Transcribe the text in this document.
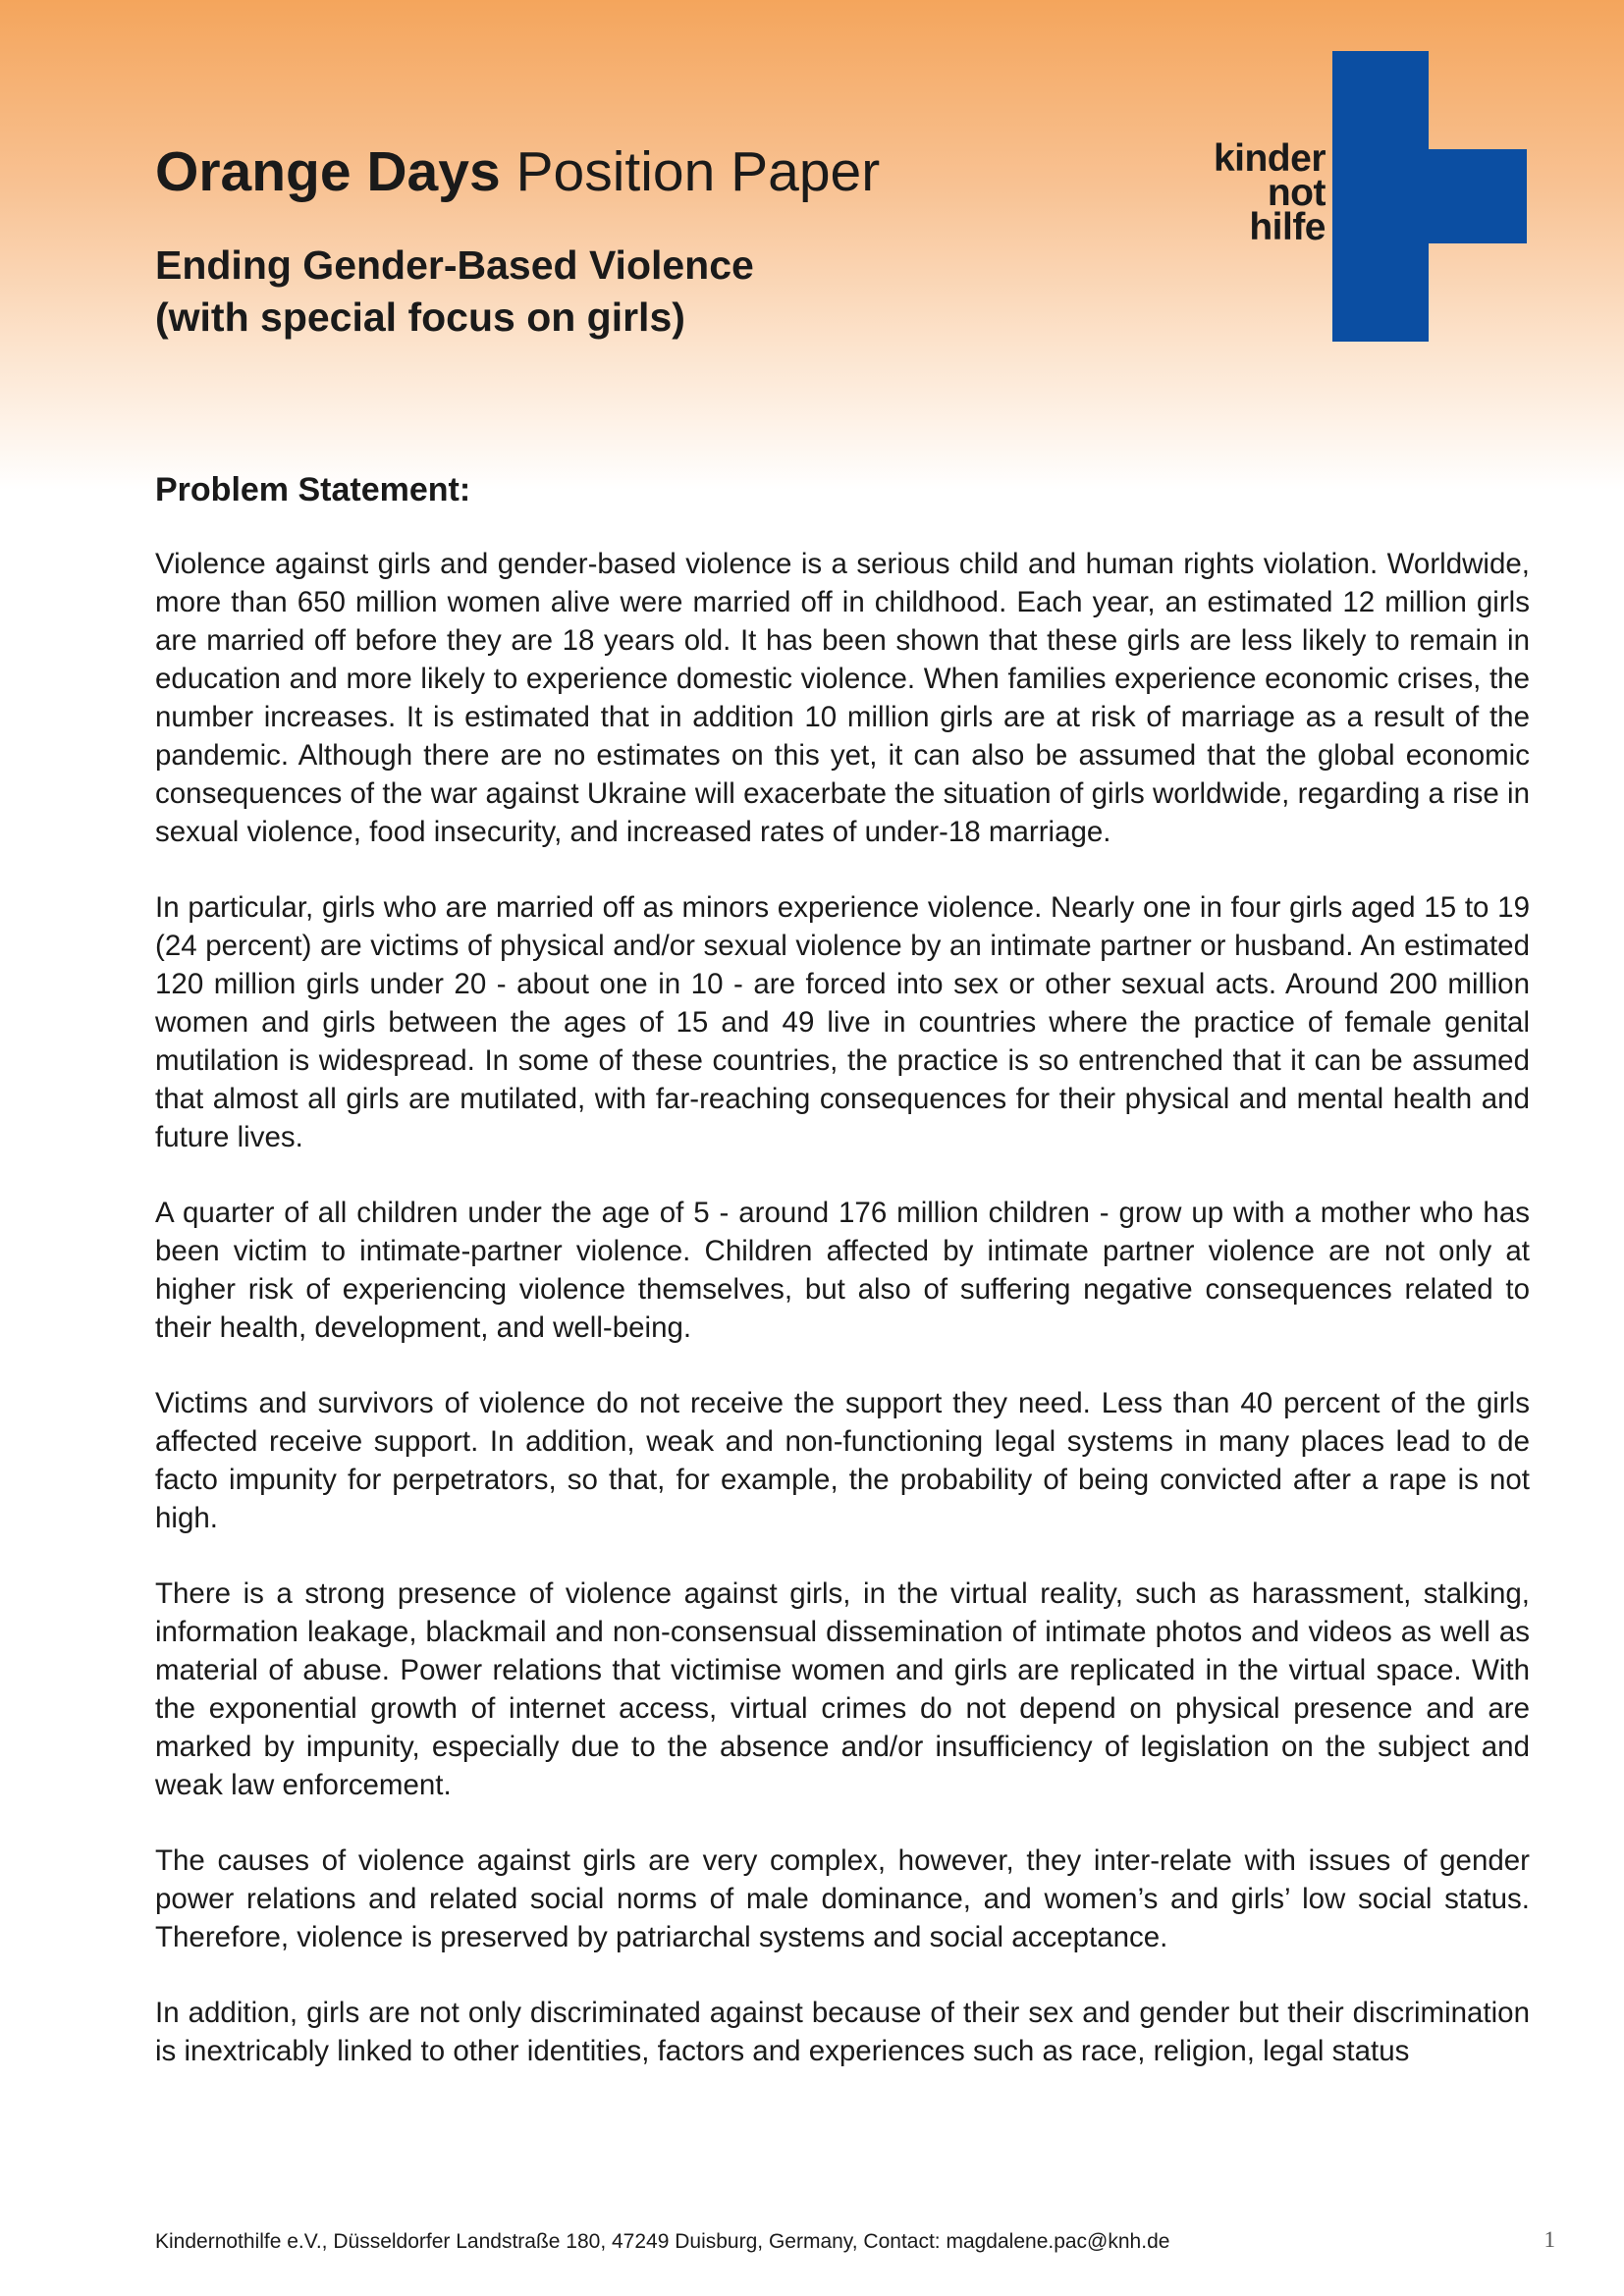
Orange Days Position Paper
Ending Gender-Based Violence
(with special focus on girls)
kinder
not
hilfe
Problem Statement:

Violence against girls and gender-based violence is a serious child and human rights violation. Worldwide, more than 650 million women alive were married off in childhood. Each year, an estimated 12 million girls are married off before they are 18 years old. It has been shown that these girls are less likely to remain in education and more likely to experience domestic violence. When families experience economic crises, the number increases. It is estimated that in addition 10 million girls are at risk of marriage as a result of the pandemic. Although there are no estimates on this yet, it can also be assumed that the global economic consequences of the war against Ukraine will exacerbate the situation of girls worldwide, regarding a rise in sexual violence, food insecurity, and increased rates of under-18 marriage.

In particular, girls who are married off as minors experience violence. Nearly one in four girls aged 15 to 19 (24 percent) are victims of physical and/or sexual violence by an intimate partner or husband. An estimated 120 million girls under 20 - about one in 10 - are forced into sex or other sexual acts. Around 200 million women and girls between the ages of 15 and 49 live in countries where the practice of female genital mutilation is widespread. In some of these countries, the practice is so entrenched that it can be assumed that almost all girls are mutilated, with far-reaching consequences for their physical and mental health and future lives.

A quarter of all children under the age of 5 - around 176 million children - grow up with a mother who has been victim to intimate-partner violence. Children affected by intimate partner violence are not only at higher risk of experiencing violence themselves, but also of suffering negative consequences related to their health, development, and well-being.

Victims and survivors of violence do not receive the support they need. Less than 40 percent of the girls affected receive support. In addition, weak and non-functioning legal systems in many places lead to de facto impunity for perpetrators, so that, for example, the probability of being convicted after a rape is not high.

There is a strong presence of violence against girls, in the virtual reality, such as harassment, stalking, information leakage, blackmail and non-consensual dissemination of intimate photos and videos as well as material of abuse. Power relations that victimise women and girls are replicated in the virtual space. With the exponential growth of internet access, virtual crimes do not depend on physical presence and are marked by impunity, especially due to the absence and/or insufficiency of legislation on the subject and weak law enforcement.

The causes of violence against girls are very complex, however, they inter-relate with issues of gender power relations and related social norms of male dominance, and women’s and girls’ low social status. Therefore, violence is preserved by patriarchal systems and social acceptance.

In addition, girls are not only discriminated against because of their sex and gender but their discrimination is inextricably linked to other identities, factors and experiences such as race, religion, legal status

Kindernothilfe e.V., Düsseldorfer Landstraße 180, 47249 Duisburg, Germany, Contact: magdalene.pac@knh.de	1
